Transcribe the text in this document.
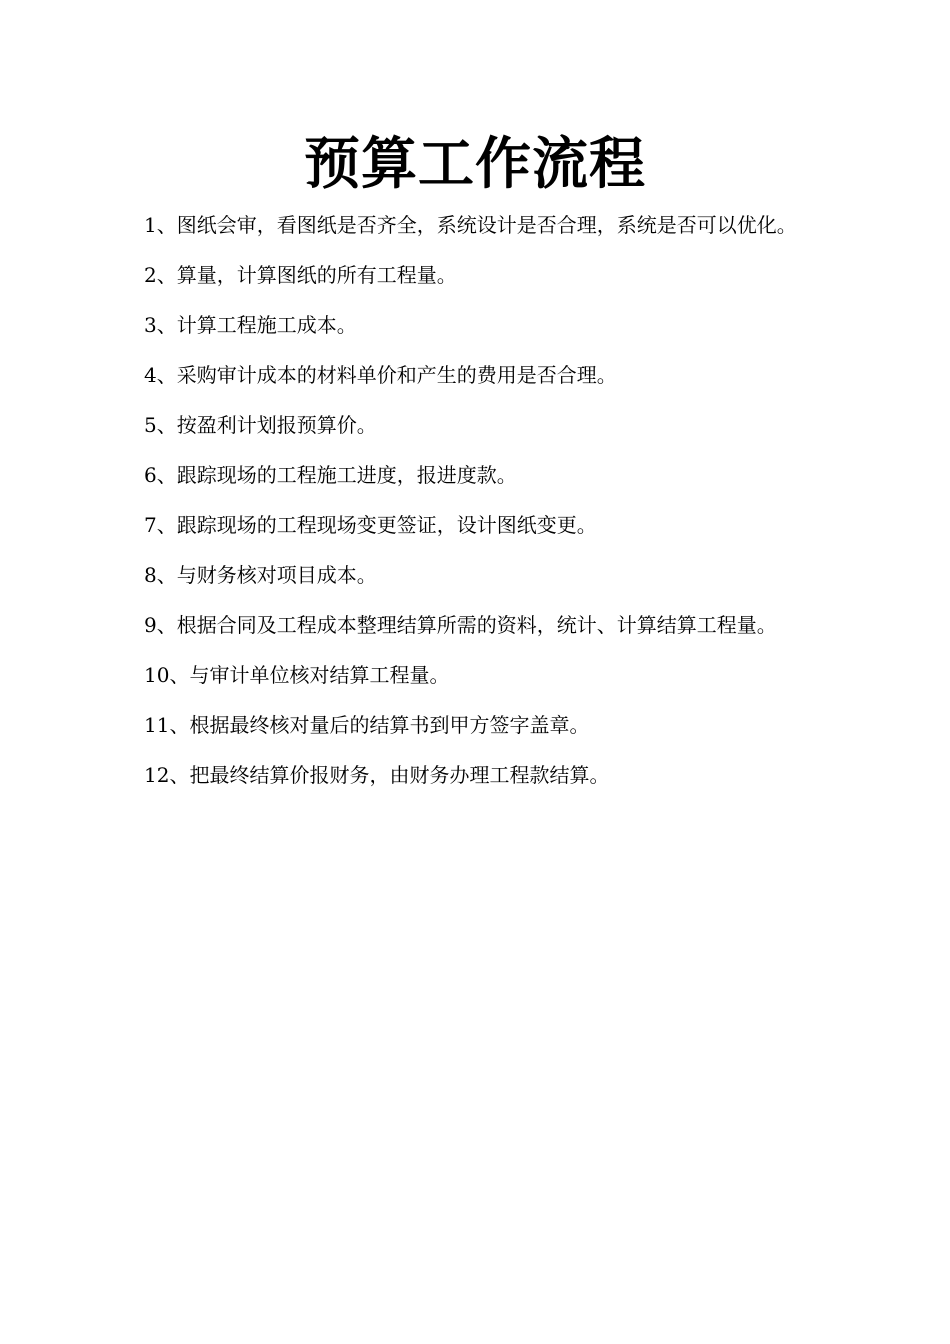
预算工作流程
1、图纸会审，看图纸是否齐全，系统设计是否合理，系统是否可以优化。
2、算量，计算图纸的所有工程量。
3、计算工程施工成本。
4、采购审计成本的材料单价和产生的费用是否合理。
5、按盈利计划报预算价。
6、跟踪现场的工程施工进度，报进度款。
7、跟踪现场的工程现场变更签证，设计图纸变更。
8、与财务核对项目成本。
9、根据合同及工程成本整理结算所需的资料，统计、计算结算工程量。
10、与审计单位核对结算工程量。
11、根据最终核对量后的结算书到甲方签字盖章。
12、把最终结算价报财务，由财务办理工程款结算。
